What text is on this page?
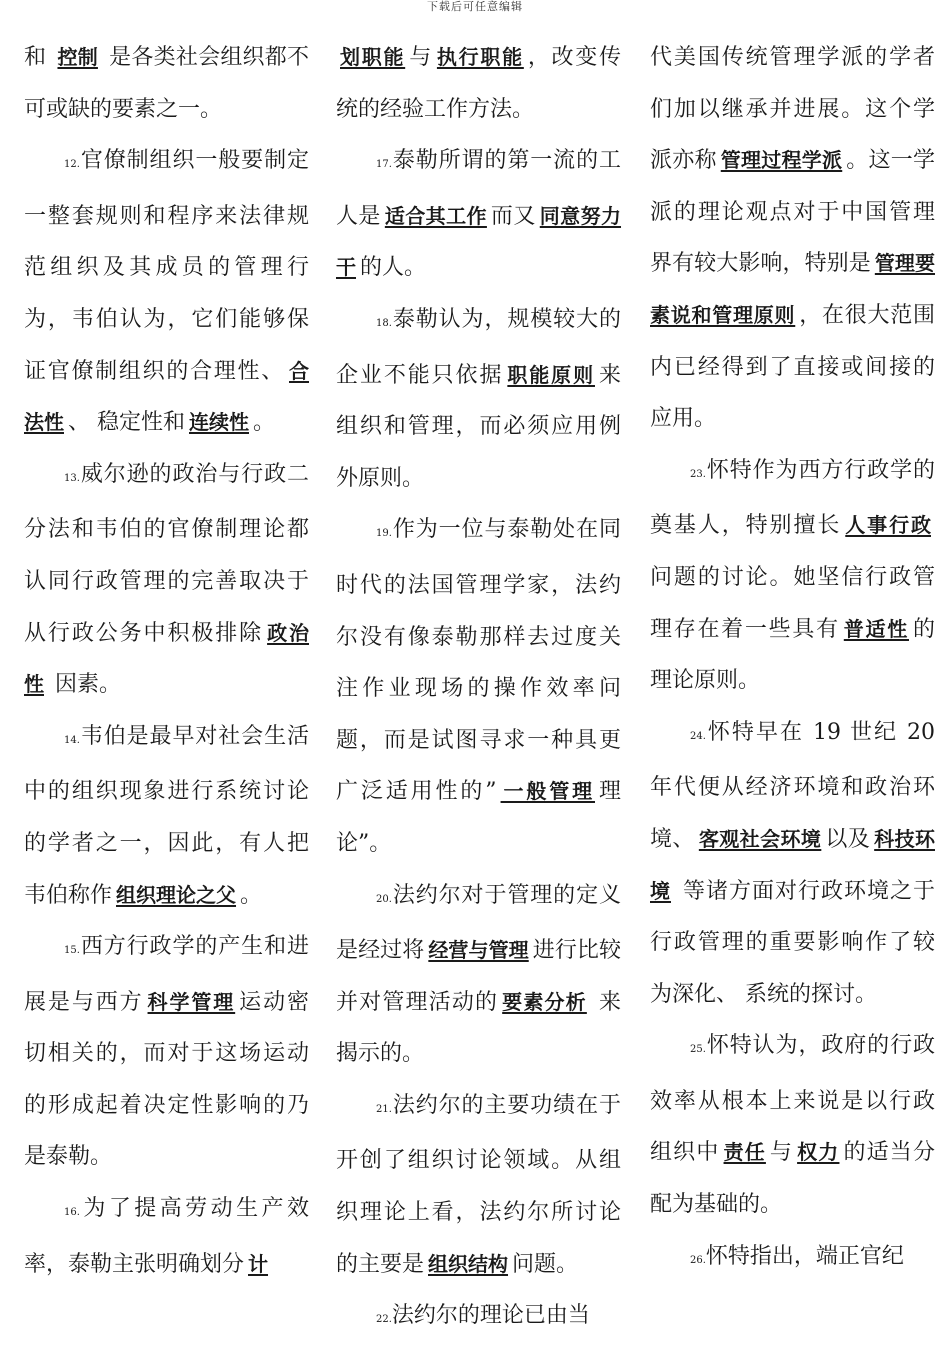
下载后可任意编辑

和 控制 是各类社会组织都不可或缺的要素之一。

12.官僚制组织一般要制定一整套规则和程序来法律规范组织及其成员的管理行为，韦伯认为，它们能够保证官僚制组织的合理性、 合法性 、 稳定性和 连续性 。

13.威尔逊的政治与行政二分法和韦伯的官僚制理论都认同行政管理的完善取决于从行政公务中积极排除 政治性 因素。

14.韦伯是最早对社会生活中的组织现象进行系统讨论的学者之一，因此，有人把韦伯称作 组织理论之父 。

15.西方行政学的产生和进展是与西方 科学管理 运动密切相关的，而对于这场运动的形成起着决定性影响的乃是泰勒。

16.为了提高劳动生产效率，泰勒主张明确划分 计

划职能 与 执行职能 ，改变传统的经验工作方法。

17.泰勒所谓的第一流的工人是 适合其工作 而又 同意努力干 的人。

18.泰勒认为，规模较大的企业不能只依据 职能原则 来组织和管理，而必须应用例外原则。

19.作为一位与泰勒处在同时代的法国管理学家，法约尔没有像泰勒那样去过度关注作业现场的操作效率问题，而是试图寻求一种具更广泛适用性的” 一般管理 理论”。

20.法约尔对于管理的定义是经过将 经营与管理 进行比较并对管理活动的 要素分析 来揭示的。

21.法约尔的主要功绩在于开创了组织讨论领域。从组织理论上看，法约尔所讨论的主要是 组织结构 问题。

22.法约尔的理论已由当

代美国传统管理学派的学者们加以继承并进展。这个学派亦称 管理过程学派 。这一学派的理论观点对于中国管理界有较大影响，特别是 管理要素说和管理原则 ，在很大范围内已经得到了直接或间接的应用。

23.怀特作为西方行政学的奠基人，特别擅长 人事行政问题的讨论。她坚信行政管理存在着一些具有 普适性 的理论原则。

24.怀特早在 19 世纪 20 年代便从经济环境和政治环境、 客观社会环境 以及 科技环境 等诸方面对行政环境之于行政管理的重要影响作了较为深化、 系统的探讨。

25.怀特认为，政府的行政效率从根本上来说是以行政组织中 责任 与 权力 的适当分配为基础的。

26.怀特指出，端正官纪
